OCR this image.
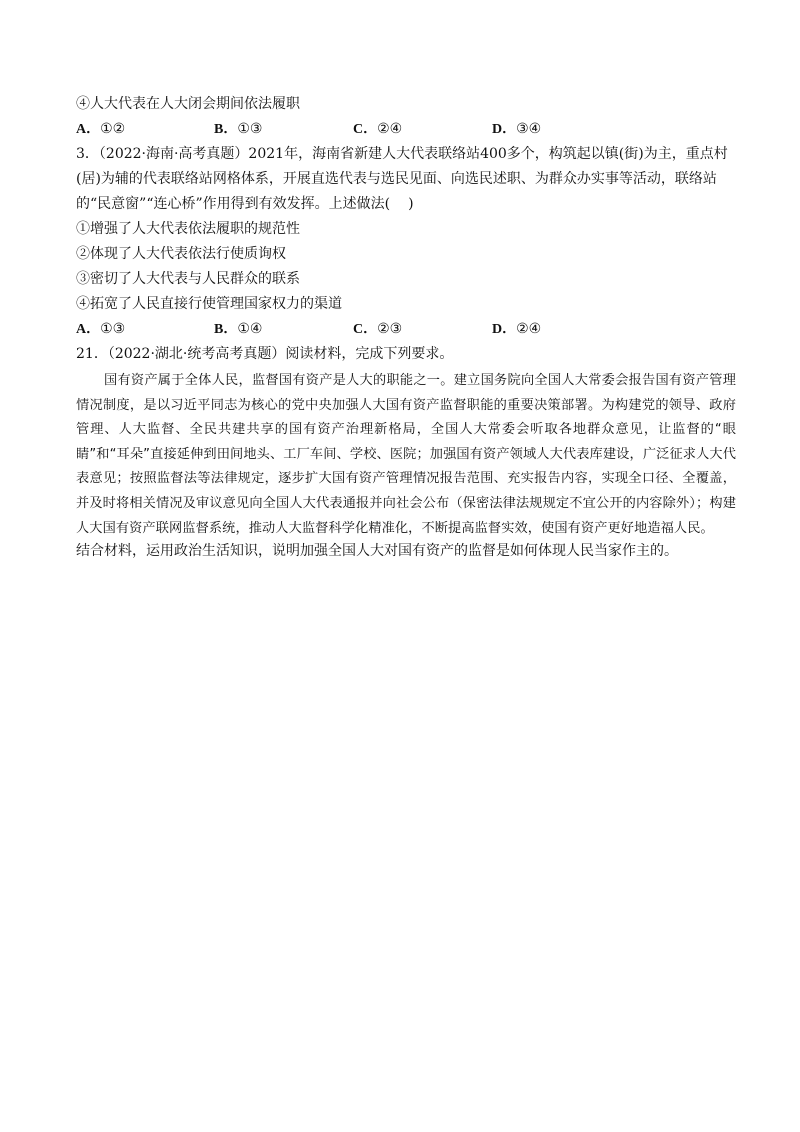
④人大代表在人大闭会期间依法履职
A．①②	B．①③	C．②④	D．③④
3．（2022·海南·高考真题）2021年，海南省新建人大代表联络站400多个，构筑起以镇(街)为主，重点村
(居)为辅的代表联络站网格体系，开展直选代表与选民见面、向选民述职、为群众办实事等活动，联络站
的“民意窗”“连心桥”作用得到有效发挥。上述做法( )
①增强了人大代表依法履职的规范性
②体现了人大代表依法行使质询权
③密切了人大代表与人民群众的联系
④拓宽了人民直接行使管理国家权力的渠道
A．①③	B．①④	C．②③	D．②④
21．（2022·湖北·统考高考真题）阅读材料，完成下列要求。
国有资产属于全体人民，监督国有资产是人大的职能之一。建立国务院向全国人大常委会报告国有资产管理情况制度，是以习近平同志为核心的党中央加强人大国有资产监督职能的重要决策部署。为构建党的领导、政府管理、人大监督、全民共建共享的国有资产治理新格局，全国人大常委会听取各地群众意见，让监督的“眼睛”和“耳朵”直接延伸到田间地头、工厂车间、学校、医院；加强国有资产领域人大代表库建设，广泛征求人大代表意见；按照监督法等法律规定，逐步扩大国有资产管理情况报告范围、充实报告内容，实现全口径、全覆盖，并及时将相关情况及审议意见向全国人大代表通报并向社会公布（保密法律法规规定不宜公开的内容除外）；构建人大国有资产联网监督系统，推动人大监督科学化精准化，不断提高监督实效，使国有资产更好地造福人民。
结合材料，运用政治生活知识，说明加强全国人大对国有资产的监督是如何体现人民当家作主的。
